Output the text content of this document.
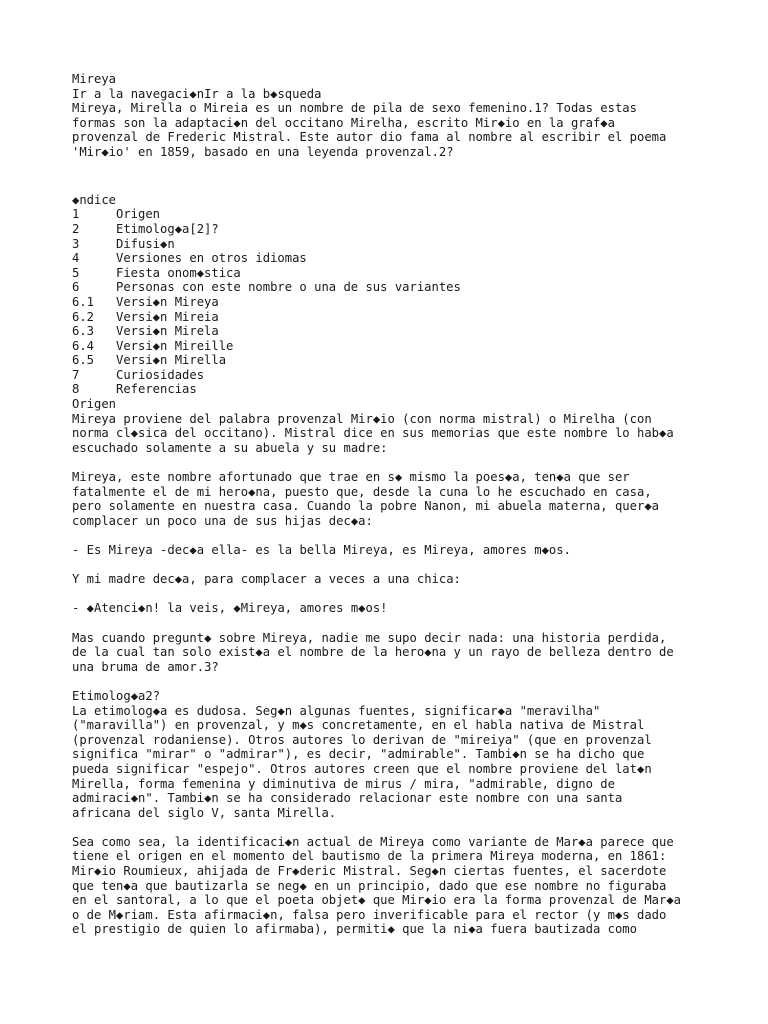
Mireya
Ir a la navegaci◆nIr a la b◆squeda
Mireya, Mirella o Mireia es un nombre de pila de sexo femenino.1? Todas estas
formas son la adaptaci◆n del occitano Mirelha, escrito Mir◆io en la graf◆a
provenzal de Frederic Mistral. Este autor dio fama al nombre al escribir el poema
'Mir◆io' en 1859, basado en una leyenda provenzal.2?
◆ndice
1	Origen
2	Etimolog◆a[2]?
3	Difusi◆n
4	Versiones en otros idiomas
5	Fiesta onom◆stica
6	Personas con este nombre o una de sus variantes
6.1	Versi◆n Mireya
6.2	Versi◆n Mireia
6.3	Versi◆n Mirela
6.4	Versi◆n Mireille
6.5	Versi◆n Mirella
7	Curiosidades
8	Referencias
Origen
Mireya proviene del palabra provenzal Mir◆io (con norma mistral) o Mirelha (con
norma cl◆sica del occitano). Mistral dice en sus memorias que este nombre lo hab◆a
escuchado solamente a su abuela y su madre:
Mireya, este nombre afortunado que trae en s◆ mismo la poes◆a, ten◆a que ser
fatalmente el de mi hero◆na, puesto que, desde la cuna lo he escuchado en casa,
pero solamente en nuestra casa. Cuando la pobre Nanon, mi abuela materna, quer◆a
complacer un poco una de sus hijas dec◆a:
- Es Mireya -dec◆a ella- es la bella Mireya, es Mireya, amores m◆os.
Y mi madre dec◆a, para complacer a veces a una chica:
- ◆Atenci◆n! la veis, ◆Mireya, amores m◆os!
Mas cuando pregunt◆ sobre Mireya, nadie me supo decir nada: una historia perdida,
de la cual tan solo exist◆a el nombre de la hero◆na y un rayo de belleza dentro de
una bruma de amor.3?
Etimolog◆a2?
La etimolog◆a es dudosa. Seg◆n algunas fuentes, significar◆a "meravilha"
("maravilla") en provenzal, y m◆s concretamente, en el habla nativa de Mistral
(provenzal rodaniense). Otros autores lo derivan de "mireiya" (que en provenzal
significa "mirar" o "admirar"), es decir, "admirable". Tambi◆n se ha dicho que
pueda significar "espejo". Otros autores creen que el nombre proviene del lat◆n
Mirella, forma femenina y diminutiva de mirus / mira, "admirable, digno de
admiraci◆n". Tambi◆n se ha considerado relacionar este nombre con una santa
africana del siglo V, santa Mirella.
Sea como sea, la identificaci◆n actual de Mireya como variante de Mar◆a parece que
tiene el origen en el momento del bautismo de la primera Mireya moderna, en 1861:
Mir◆io Roumieux, ahijada de Fr◆deric Mistral. Seg◆n ciertas fuentes, el sacerdote
que ten◆a que bautizarla se neg◆ en un principio, dado que ese nombre no figuraba
en el santoral, a lo que el poeta objet◆ que Mir◆io era la forma provenzal de Mar◆a
o de M◆riam. Esta afirmaci◆n, falsa pero inverificable para el rector (y m◆s dado
el prestigio de quien lo afirmaba), permiti◆ que la ni◆a fuera bautizada como
